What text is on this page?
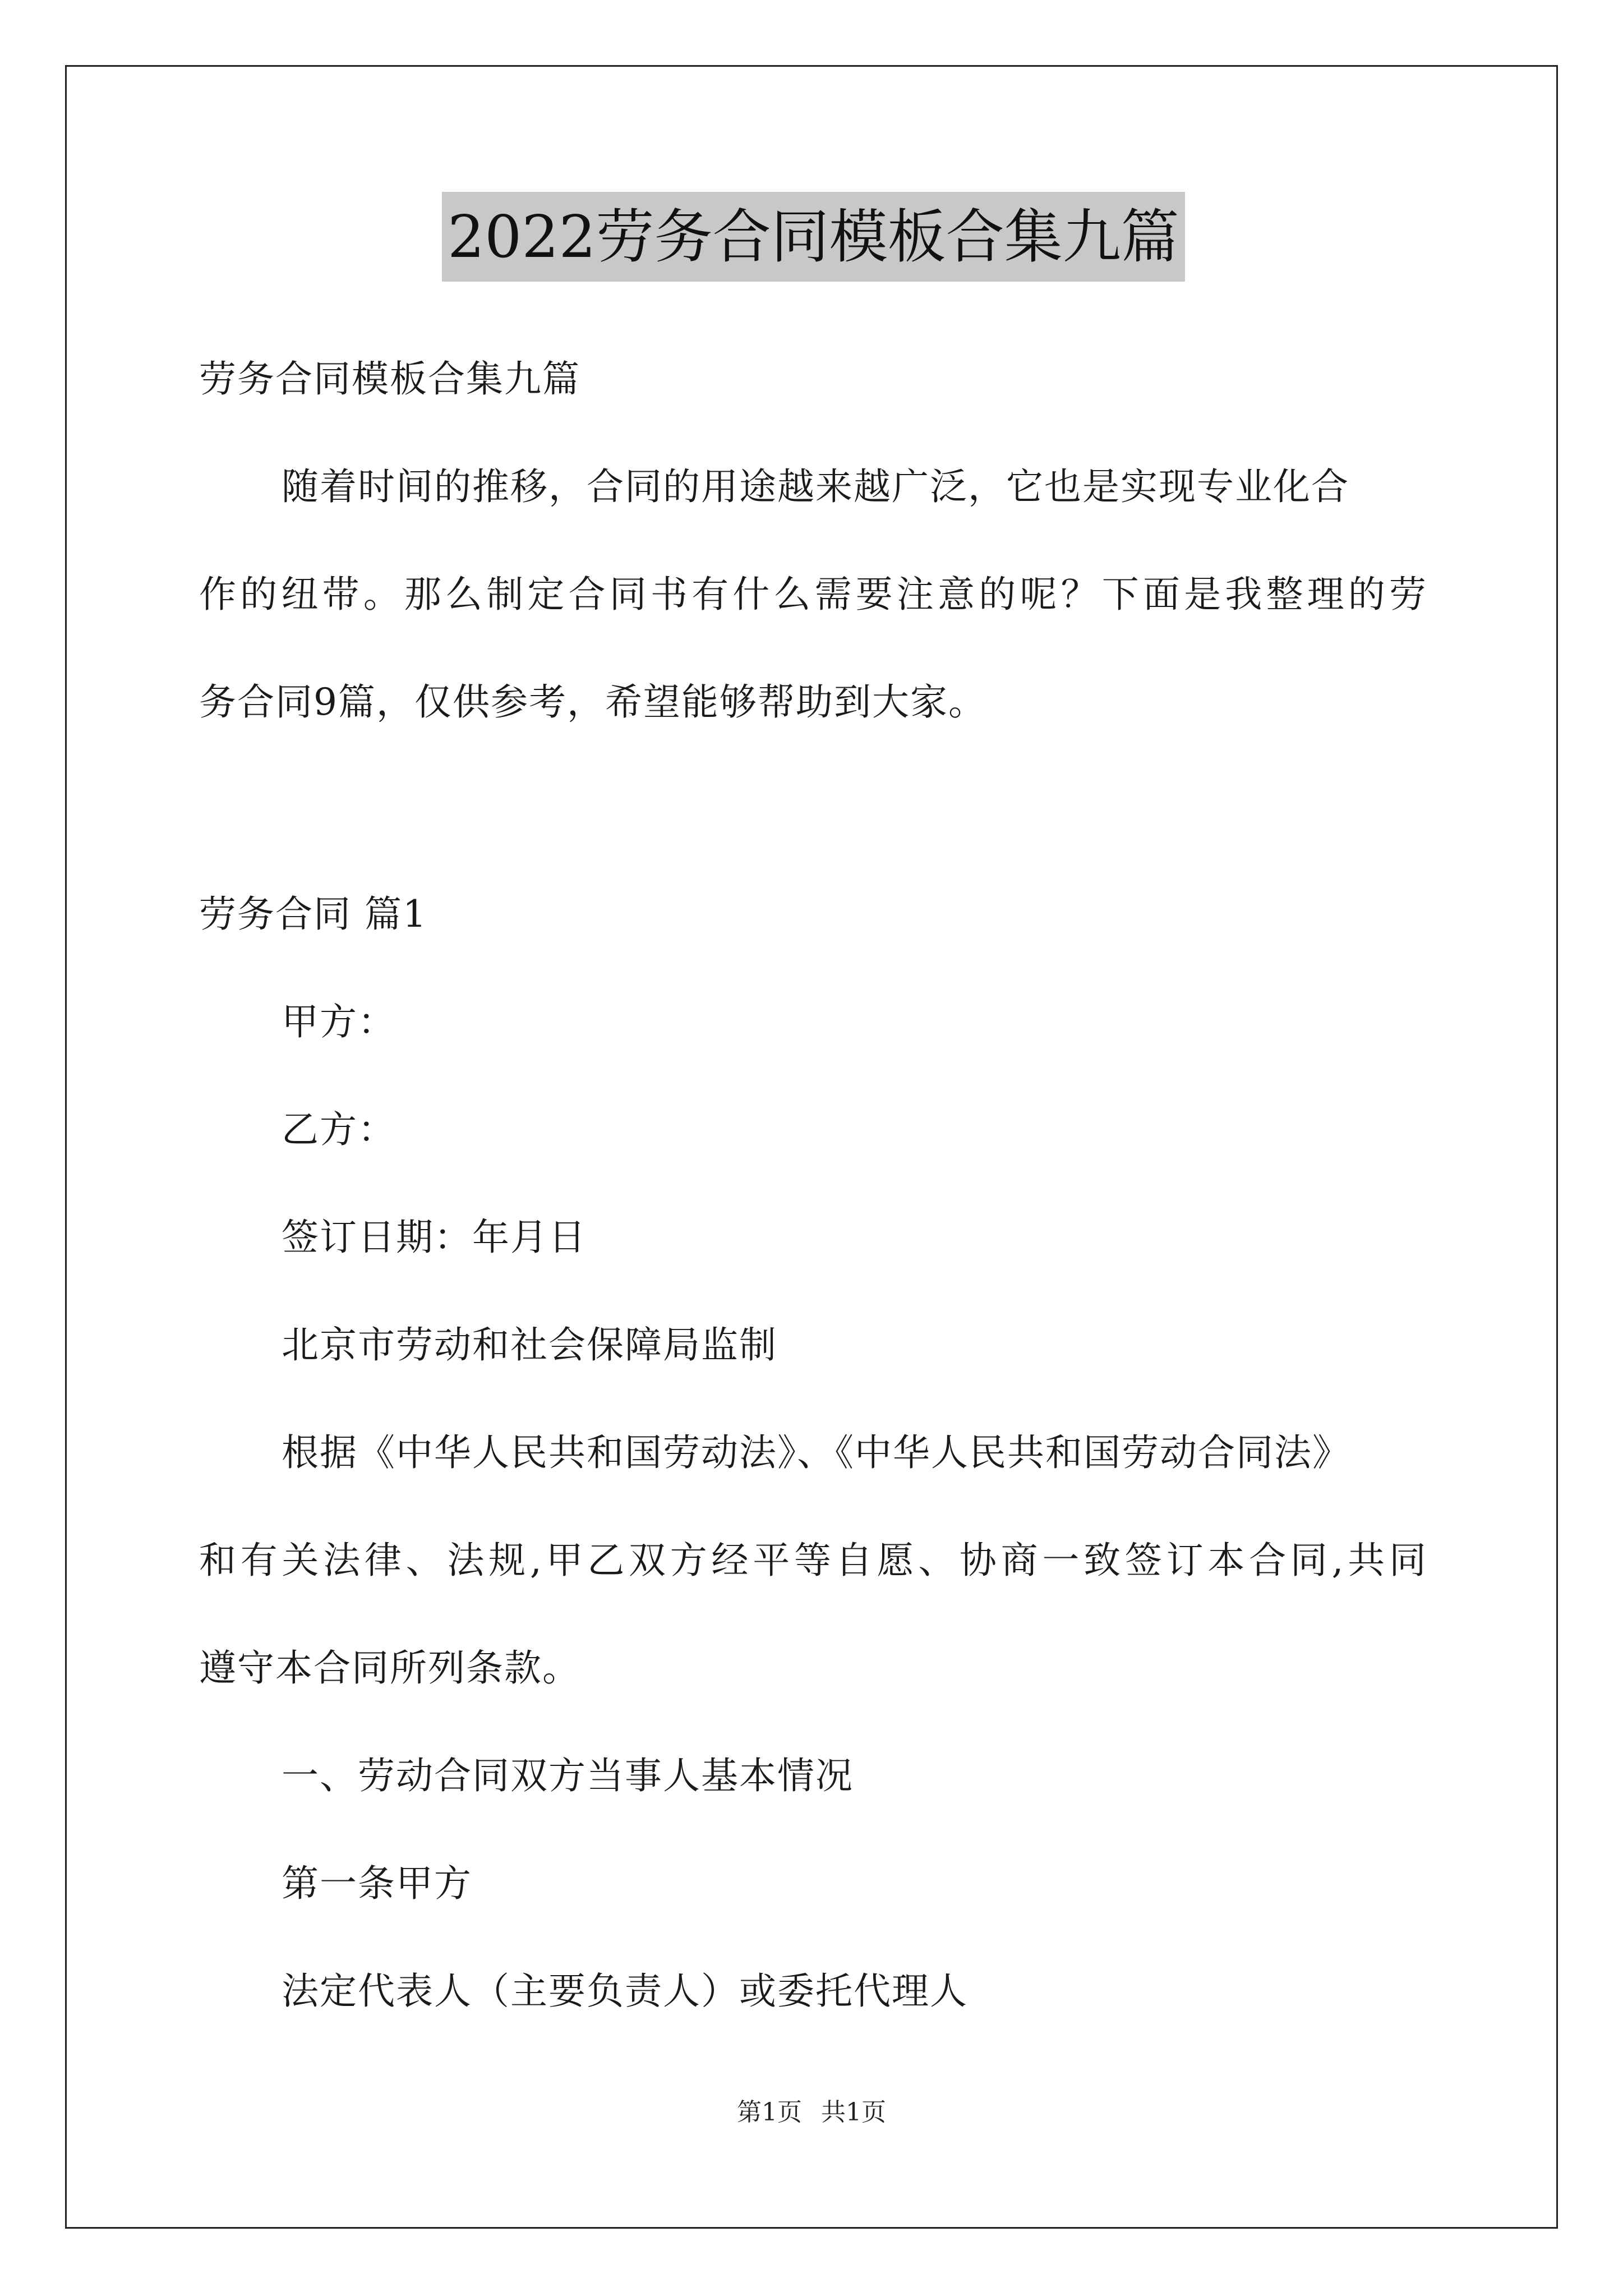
2022劳务合同模板合集九篇
劳务合同模板合集九篇
随着时间的推移，合同的用途越来越广泛，它也是实现专业化合
作的纽带。那么制定合同书有什么需要注意的呢？下面是我整理的劳
务合同9篇，仅供参考，希望能够帮助到大家。
劳务合同 篇1
甲方：
乙方：
签订日期：年月日
北京市劳动和社会保障局监制
根据《中华人民共和国劳动法》、《中华人民共和国劳动合同法》
和有关法律、法规,甲乙双方经平等自愿、协商一致签订本合同,共同
遵守本合同所列条款。
一、劳动合同双方当事人基本情况
第一条甲方
法定代表人（主要负责人）或委托代理人
第1页 共1页
